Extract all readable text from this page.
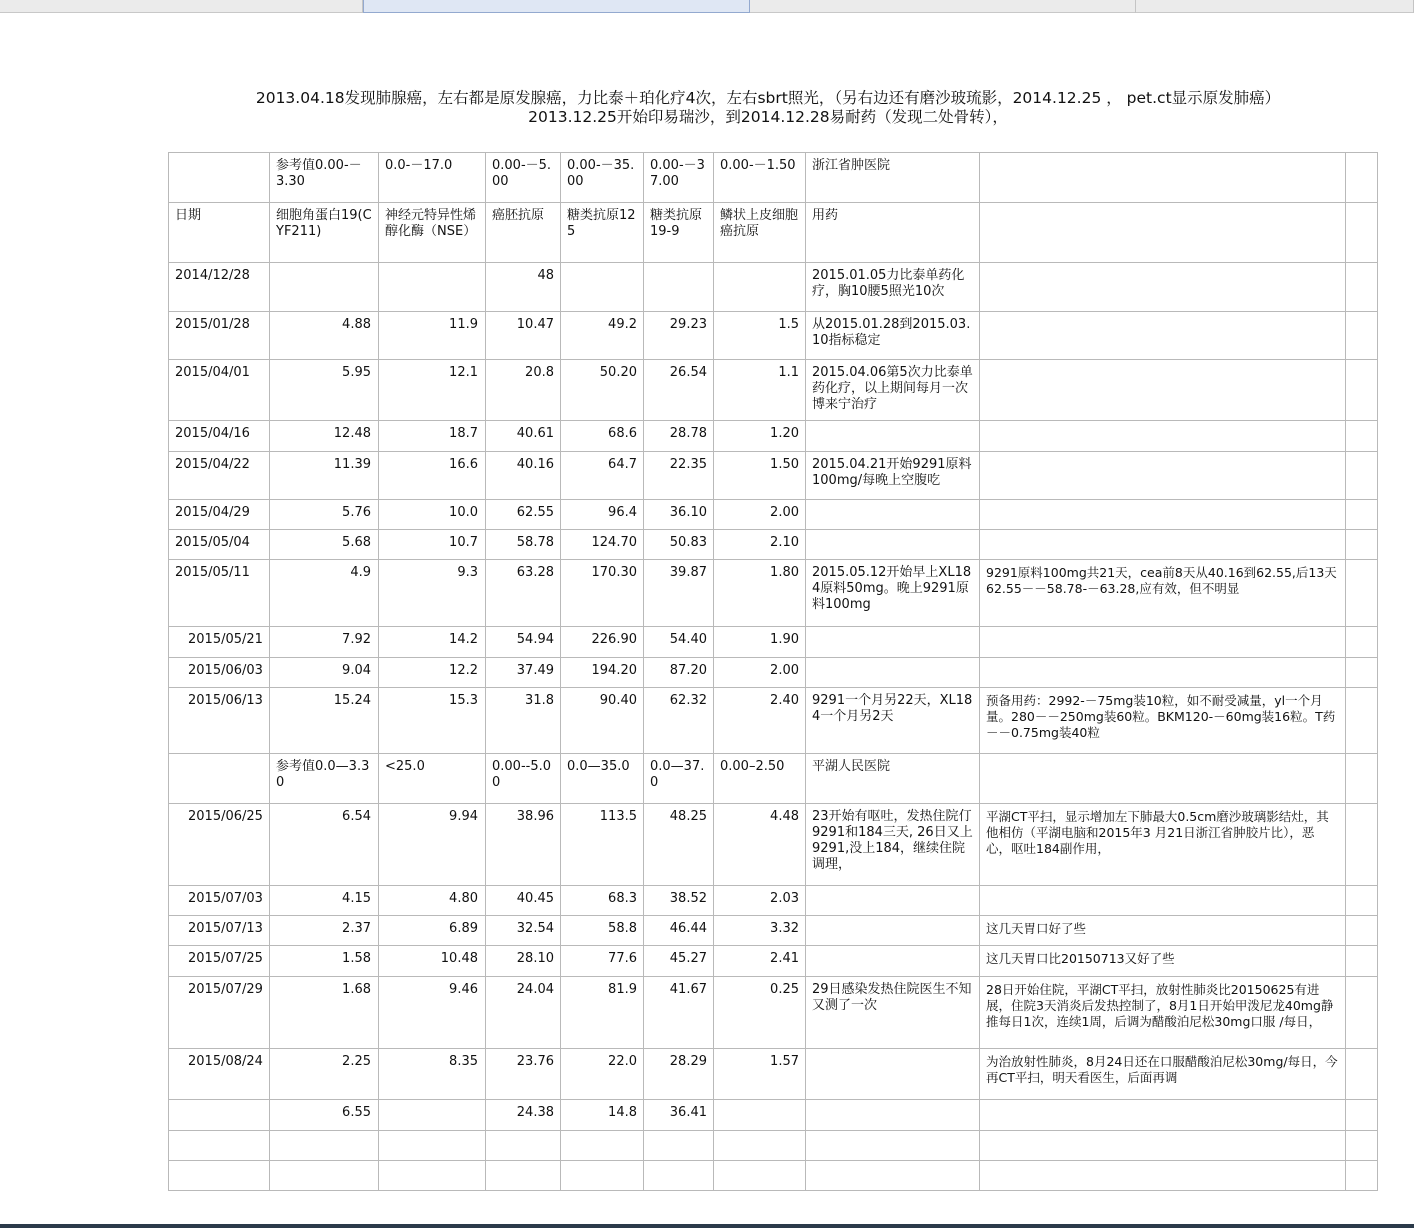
2013.04.18发现肺腺癌，左右都是原发腺癌，力比泰＋珀化疗4次，左右sbrt照光，（另右边还有磨沙玻琉影，2014.12.25 ， pet.ct显示原发肺癌）
2013.12.25开始印易瑞沙，到2014.12.28易耐药（发现二处骨转），
	参考值0.00-－3.30	0.0-－17.0	0.00-－5.00	0.00-－35.00	0.00-－37.00	0.00-－1.50	浙江省肿医院		
日期	细胞角蛋白19(CYF211)	神经元特异性烯醇化酶（NSE）	癌胚抗原	糖类抗原125	糖类抗原19-9	鳞状上皮细胞癌抗原	用药		
2014/12/28			48				2015.01.05力比泰单药化疗，胸10腰5照光10次		
2015/01/28	4.88	11.9	10.47	49.2	29.23	1.5	从2015.01.28到2015.03.10指标稳定		
2015/04/01	5.95	12.1	20.8	50.20	26.54	1.1	2015.04.06第5次力比泰单药化疗，以上期间每月一次博来宁治疗		
2015/04/16	12.48	18.7	40.61	68.6	28.78	1.20			
2015/04/22	11.39	16.6	40.16	64.7	22.35	1.50	2015.04.21开始9291原料100mg/每晚上空腹吃		
2015/04/29	5.76	10.0	62.55	96.4	36.10	2.00			
2015/05/04	5.68	10.7	58.78	124.70	50.83	2.10			
2015/05/11	4.9	9.3	63.28	170.30	39.87	1.80	2015.05.12开始早上XL184原料50mg。晚上9291原料100mg	9291原料100mg共21天，cea前8天从40.16到62.55,后13天62.55－－58.78-－63.28,应有效，但不明显	
2015/05/21	7.92	14.2	54.94	226.90	54.40	1.90			
2015/06/03	9.04	12.2	37.49	194.20	87.20	2.00			
2015/06/13	15.24	15.3	31.8	90.40	62.32	2.40	9291一个月另22天，XL184一个月另2天	预备用药：2992-－75mg装10粒，如不耐受减量，yl一个月量。280－－250mg装60粒。BKM120-－60mg装16粒。T药－－0.75mg装40粒	
	参考值0.0—3.30	<25.0	0.00--5.00	0.0—35.0	0.0—37.0	0.00–2.50	平湖人民医院		
2015/06/25	6.54	9.94	38.96	113.5	48.25	4.48	23开始有呕吐，发热住院仃9291和184三天, 26日又上9291,没上184，继续住院调理，	平湖CT平扫，显示增加左下肺最大0.5cm磨沙玻璃影结灶，其他相仿（平湖电脑和2015年3 月21日浙江省肿胶片比），恶心，呕吐184副作用，	
2015/07/03	4.15	4.80	40.45	68.3	38.52	2.03			
2015/07/13	2.37	6.89	32.54	58.8	46.44	3.32		这几天胃口好了些	
2015/07/25	1.58	10.48	28.10	77.6	45.27	2.41		这几天胃口比20150713又好了些	
2015/07/29	1.68	9.46	24.04	81.9	41.67	0.25	29日感染发热住院医生不知又测了一次	28日开始住院，平湖CT平扫，放射性肺炎比20150625有进展，住院3天消炎后发热控制了，8月1日开始甲泼尼龙40mg静推每日1次，连续1周，后调为醋酸泊尼松30mg口服 /每日，	
2015/08/24	2.25	8.35	23.76	22.0	28.29	1.57		为治放射性肺炎，8月24日还在口服醋酸泊尼松30mg/每日，今再CT平扫，明天看医生，后面再调	
	6.55		24.38	14.8	36.41				
